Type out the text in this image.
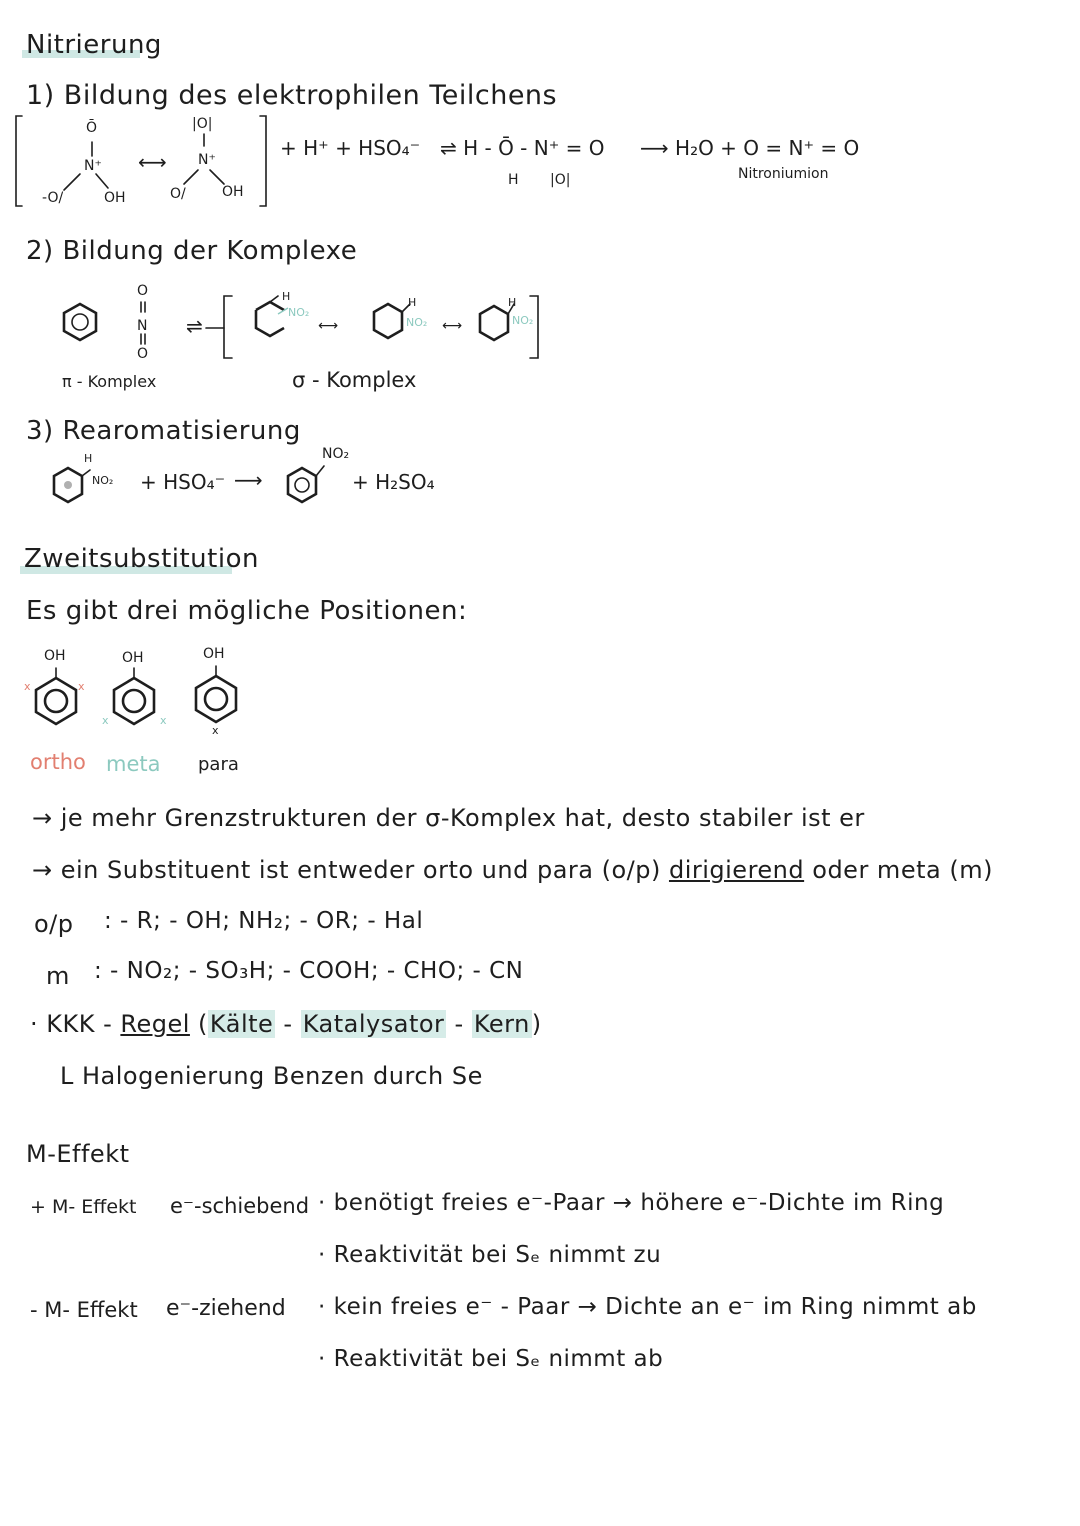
Nitrierung
1) Bildung des elektrophilen Teilchens
Ō
N⁺
-O/	OH
⟷
|O|
N⁺
O/	OH
+ H⁺ + HSO₄⁻ ⇌ H - Ō - N⁺ = O
H |O|
⟶ H₂O + O = N⁺ = O
Nitroniumion
2) Bildung der Komplexe
O
N
O
⇌
H
NO₂
⟷
H
NO₂ ⟷
H
NO₂
π - Komplex	σ - Komplex
3) Rearomatisierung
H
NO₂ + HSO₄⁻ ⟶
NO₂
+ H₂SO₄
Zweitsubstitution
Es gibt drei mögliche Positionen:
OH	OH	OH
x	x
x	x
x
ortho meta para
→ je mehr Grenzstrukturen der σ-Komplex hat, desto stabiler ist er
→ ein Substituent ist entweder orto und para (o/p) dirigierend oder meta (m)
o/p : - R; - OH; NH₂; - OR; - Hal
m : - NO₂; - SO₃H; - COOH; - CHO; - CN
· KKK - Regel (Kälte - Katalysator - Kern)
L Halogenierung Benzen durch Se
M-Effekt
+ M- Effekt e⁻-schiebend · benötigt freies e⁻-Paar → höhere e⁻-Dichte im Ring
· Reaktivität bei Sₑ nimmt zu
- M- Effekt e⁻-ziehend · kein freies e⁻ - Paar → Dichte an e⁻ im Ring nimmt ab
· Reaktivität bei Sₑ nimmt ab
